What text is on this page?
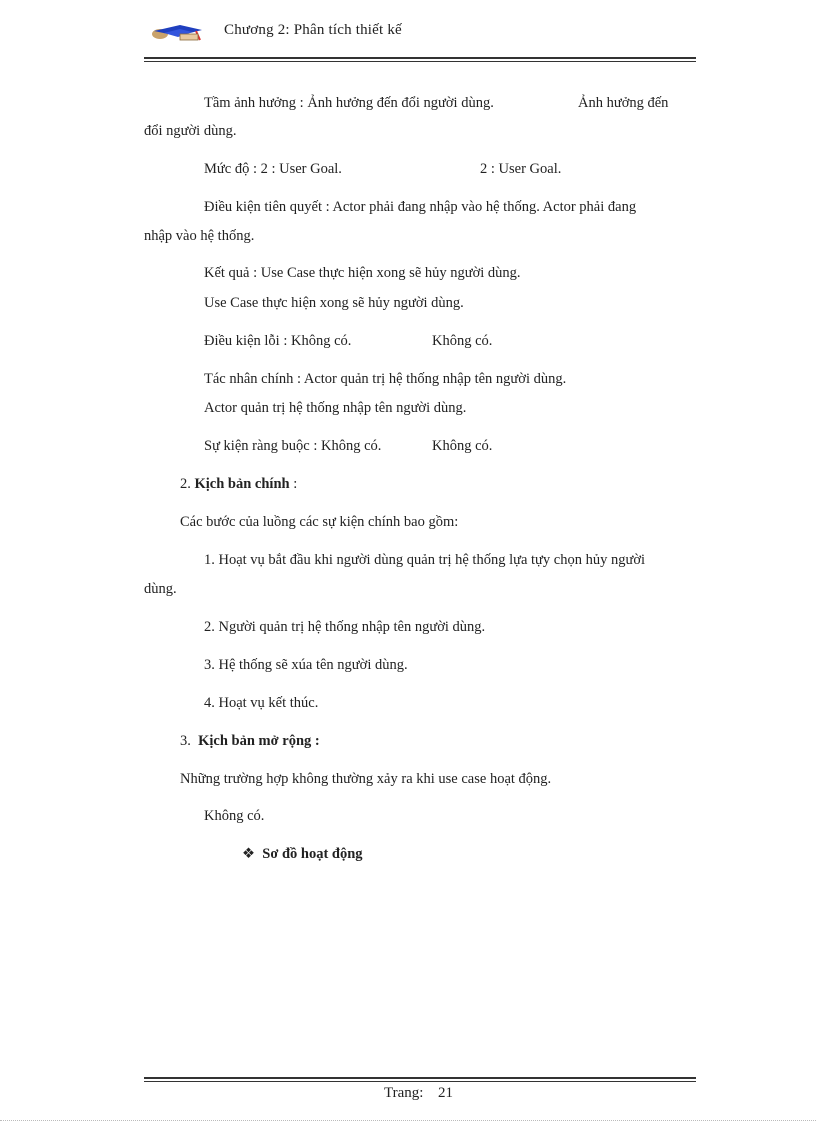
Chương 2: Phân tích thiết kế
Tầm ảnh hưởng : Ảnh hưởng đến đổi người dùng.	Ảnh hưởng đến
đổi người dùng.
Mức độ : 2 : User Goal.	2 : User Goal.
Điều kiện tiên quyết : Actor phải đang nhập vào hệ thống. Actor phải đang
nhập vào hệ thống.
Kết quả : Use Case thực hiện xong sẽ hủy người dùng.
Use Case thực hiện xong sẽ hủy người dùng.
Điều kiện lỗi : Không có.	Không có.
Tác nhân chính : Actor quản trị hệ thống nhập tên người dùng.
Actor quản trị hệ thống nhập tên người dùng.
Sự kiện ràng buộc : Không có.	Không có.
2. Kịch bản chính :
Các bước của luồng các sự kiện chính bao gồm:
1. Hoạt vụ bắt đầu khi người dùng quản trị hệ thống lựa tựy chọn hủy người
dùng.
2. Người quản trị hệ thống nhập tên người dùng.
3. Hệ thống sẽ xúa tên người dùng.
4. Hoạt vụ kết thúc.
3. Kịch bản mở rộng :
Những trường hợp không thường xảy ra khi use case hoạt động.
Không có.
❖ Sơ đồ hoạt động
Trang: 21
